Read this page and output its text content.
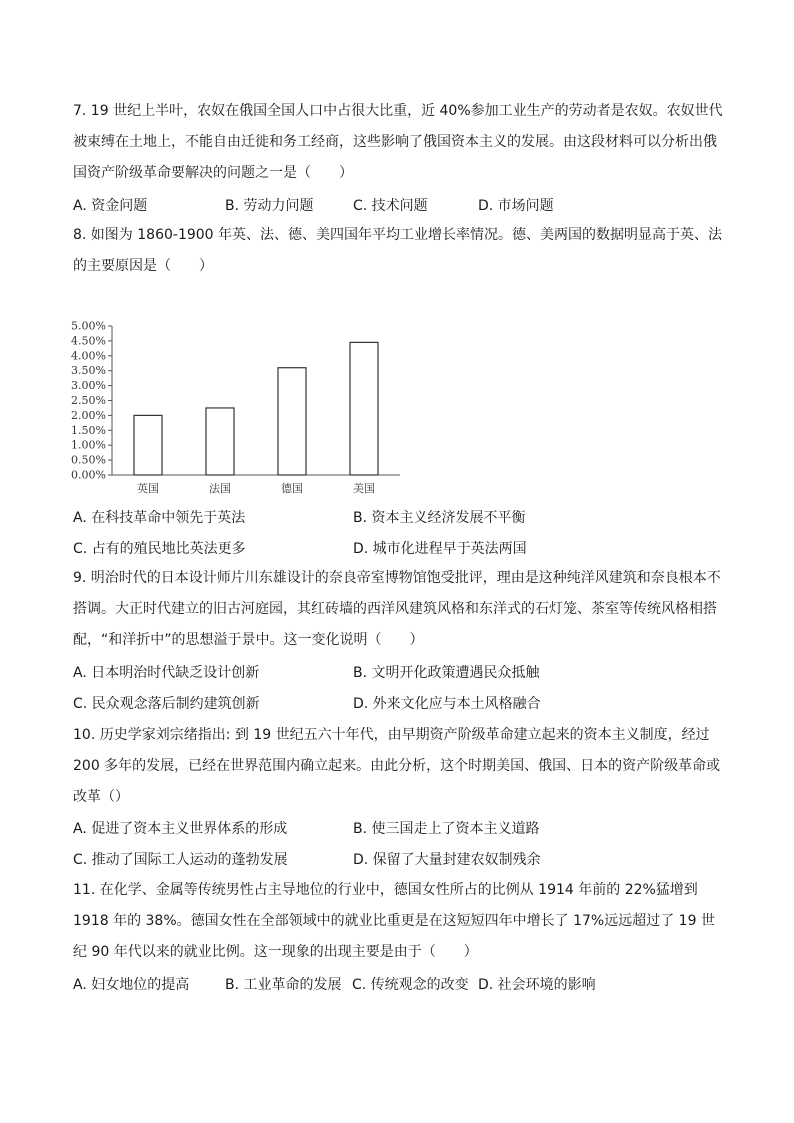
7. 19 世纪上半叶，农奴在俄国全国人口中占很大比重，近 40%参加工业生产的劳动者是农奴。农奴世代被束缚在土地上，不能自由迁徙和务工经商，这些影响了俄国资本主义的发展。由这段材料可以分析出俄国资产阶级革命要解决的问题之一是（　　）

A. 资金问题	B. 劳动力问题	C. 技术问题	D. 市场问题

8. 如图为 1860-1900 年英、法、德、美四国年平均工业增长率情况。德、美两国的数据明显高于英、法的主要原因是（　　）

0.00%
0.50%
1.00%
1.50%
2.00%
2.50%
3.00%
3.50%
4.00%
4.50%
5.00%
英国	法国	德国	美国
A. 在科技革命中领先于英法	B. 资本主义经济发展不平衡
C. 占有的殖民地比英法更多	D. 城市化进程早于英法两国

9. 明治时代的日本设计师片川东雄设计的奈良帝室博物馆饱受批评，理由是这种纯洋风建筑和奈良根本不搭调。大正时代建立的旧古河庭园，其红砖墙的西洋风建筑风格和东洋式的石灯笼、茶室等传统风格相搭配，“和洋折中”的思想溢于景中。这一变化说明（　　）

A. 日本明治时代缺乏设计创新	B. 文明开化政策遭遇民众抵触
C. 民众观念落后制约建筑创新	D. 外来文化应与本土风格融合

10. 历史学家刘宗绪指出: 到 19 世纪五六十年代，由早期资产阶级革命建立起来的资本主义制度，经过 200 多年的发展，已经在世界范围内确立起来。由此分析，这个时期美国、俄国、日本的资产阶级革命或改革（）

A. 促进了资本主义世界体系的形成	B. 使三国走上了资本主义道路
C. 推动了国际工人运动的蓬勃发展	D. 保留了大量封建农奴制残余

11. 在化学、金属等传统男性占主导地位的行业中，德国女性所占的比例从 1914 年前的 22%猛增到 1918 年的 38%。德国女性在全部领域中的就业比重更是在这短短四年中增长了 17%远远超过了 19 世纪 90 年代以来的就业比例。这一现象的出现主要是由于（　　）

A. 妇女地位的提高	B. 工业革命的发展 C. 传统观念的改变 D. 社会环境的影响
